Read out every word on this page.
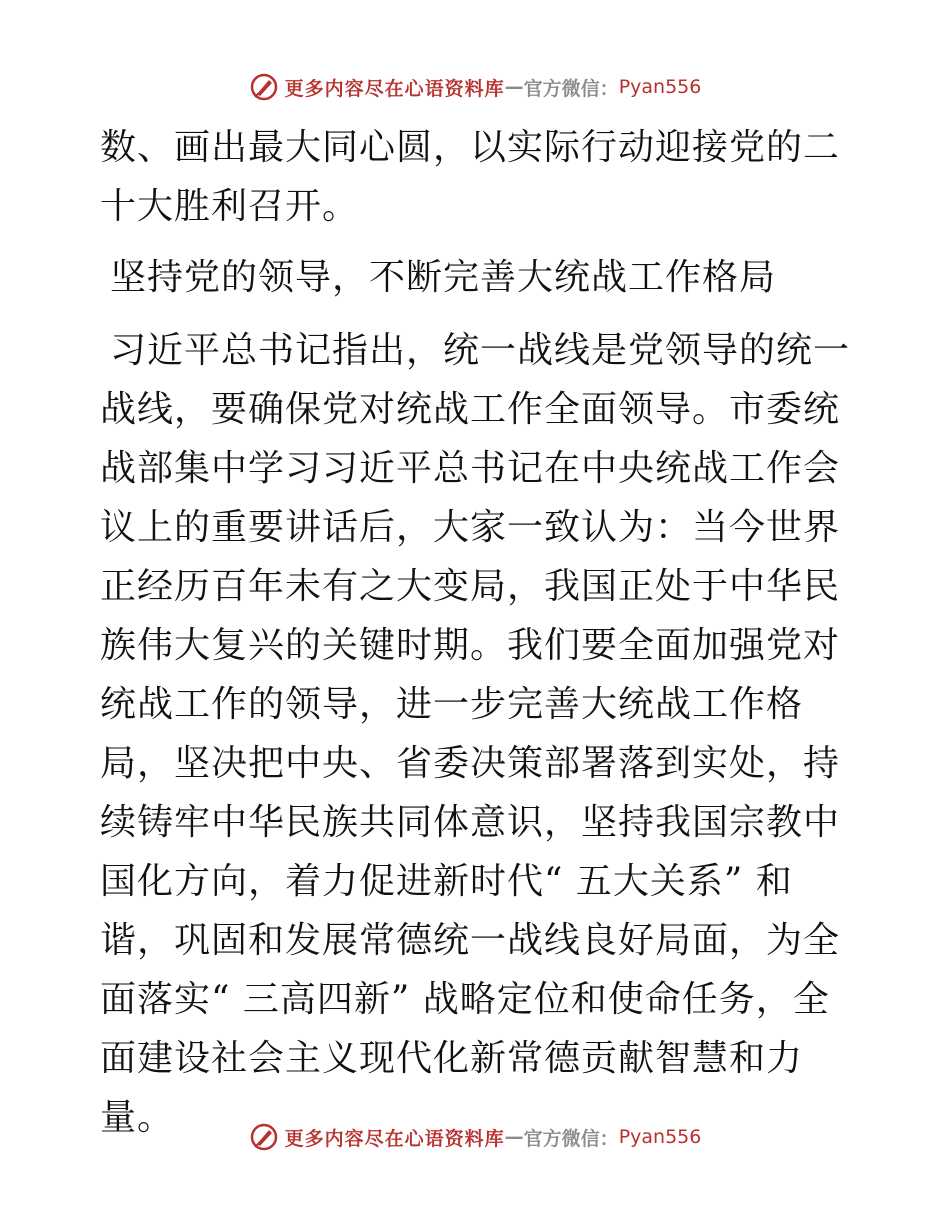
更多内容尽在心语资料库 — 官方微信： Pyan556

数、画出最大同心圆，以实际行动迎接党的二十大胜利召开。

坚持党的领导，不断完善大统战工作格局

习近平总书记指出，统一战线是党领导的统一战线，要确保党对统战工作全面领导。市委统战部集中学习习近平总书记在中央统战工作会议上的重要讲话后，大家一致认为：当今世界正经历百年未有之大变局，我国正处于中华民族伟大复兴的关键时期。我们要全面加强党对统战工作的领导，进一步完善大统战工作格局，坚决把中央、省委决策部署落到实处，持续铸牢中华民族共同体意识，坚持我国宗教中国化方向，着力促进新时代“ 五大关系” 和谐，巩固和发展常德统一战线良好局面，为全面落实“ 三高四新” 战略定位和使命任务，全面建设社会主义现代化新常德贡献智慧和力量。

更多内容尽在心语资料库 — 官方微信： Pyan556
